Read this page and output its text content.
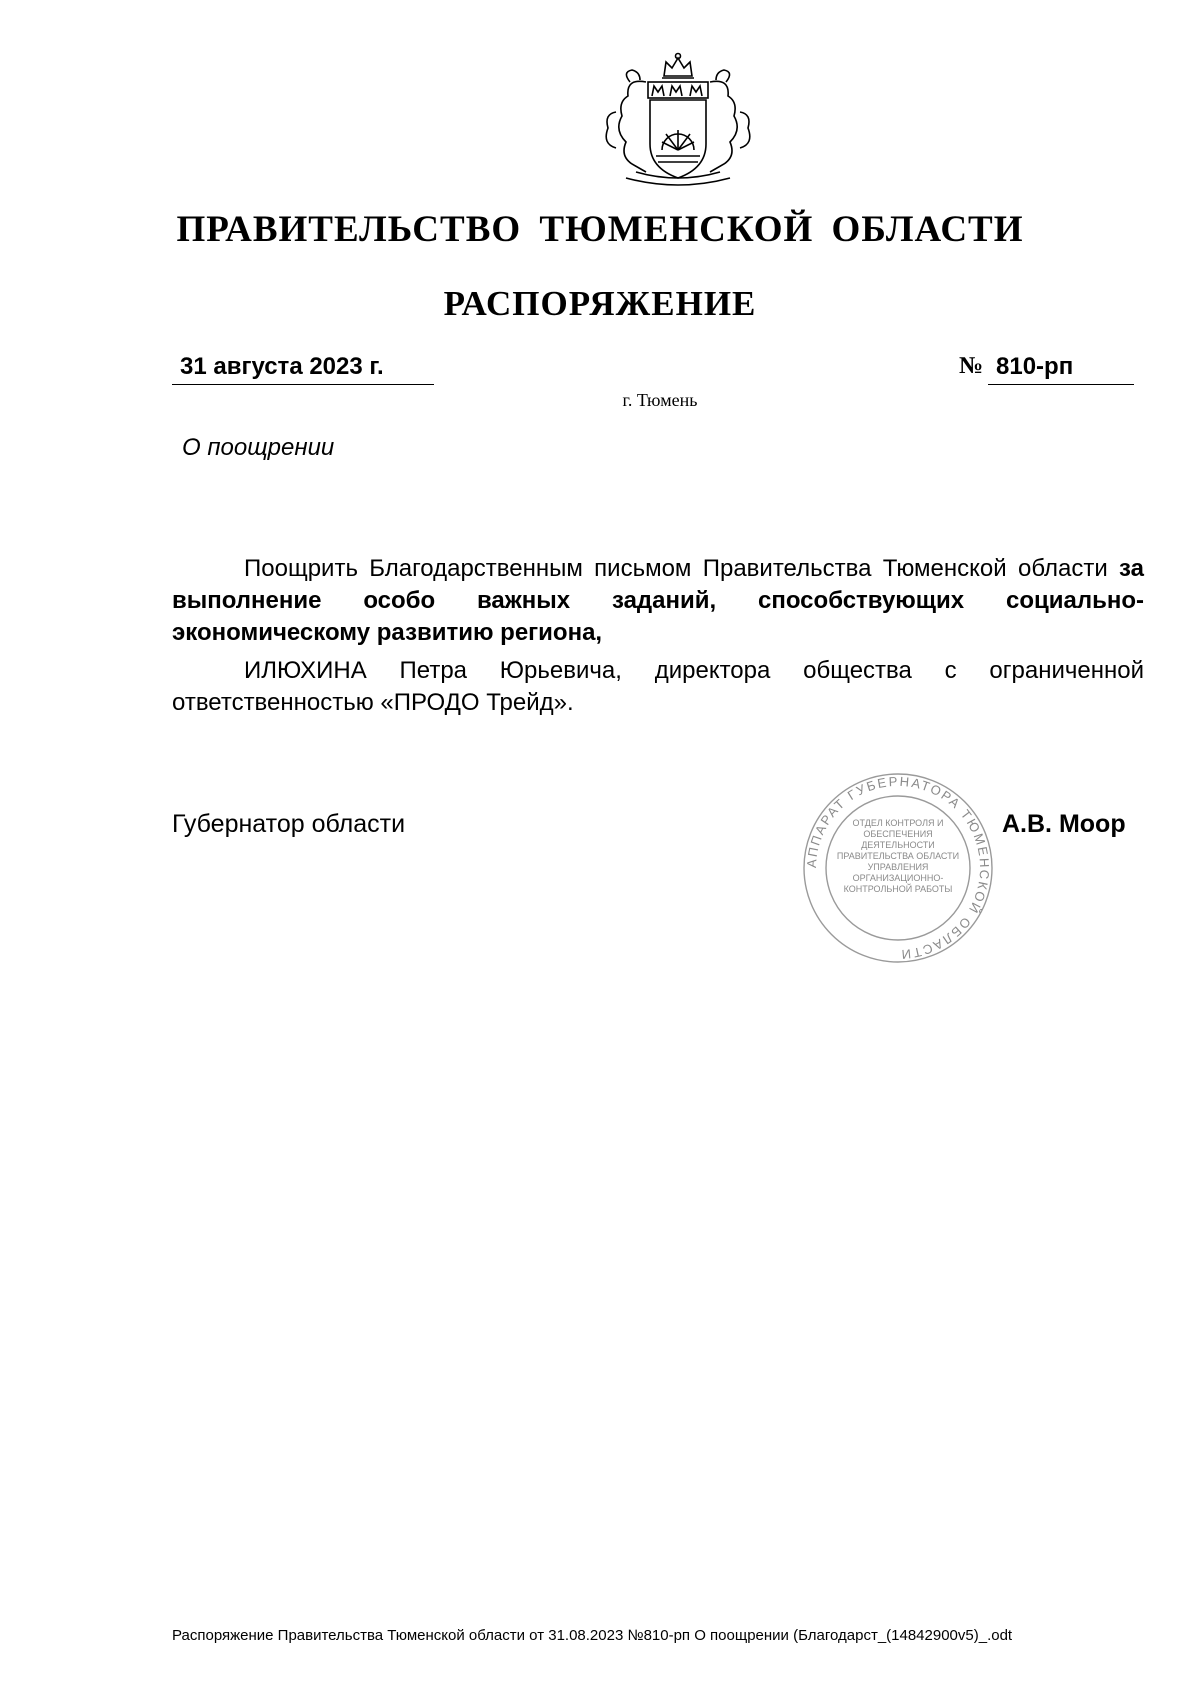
ПРАВИТЕЛЬСТВО ТЮМЕНСКОЙ ОБЛАСТИ
РАСПОРЯЖЕНИЕ
31 августа 2023 г.	№ 810-рп
г. Тюмень
О поощрении
Поощрить Благодарственным письмом Правительства Тюменской области за выполнение особо важных заданий, способствующих социально-экономическому развитию региона,
ИЛЮХИНА Петра Юрьевича, директора общества с ограниченной ответственностью «ПРОДО Трейд».
Губернатор области
АППАРАТ ГУБЕРНАТОРА ТЮМЕНСКОЙ ОБЛАСТИ
ОТДЕЛ КОНТРОЛЯ И ОБЕСПЕЧЕНИЯ ДЕЯТЕЛЬНОСТИ ПРАВИТЕЛЬСТВА ОБЛАСТИ УПРАВЛЕНИЯ ОРГАНИЗАЦИОННО-КОНТРОЛЬНОЙ РАБОТЫ
А.В. Моор
Распоряжение Правительства Тюменской области от 31.08.2023 №810-рп О поощрении (Благодарст_(14842900v5)_.odt
